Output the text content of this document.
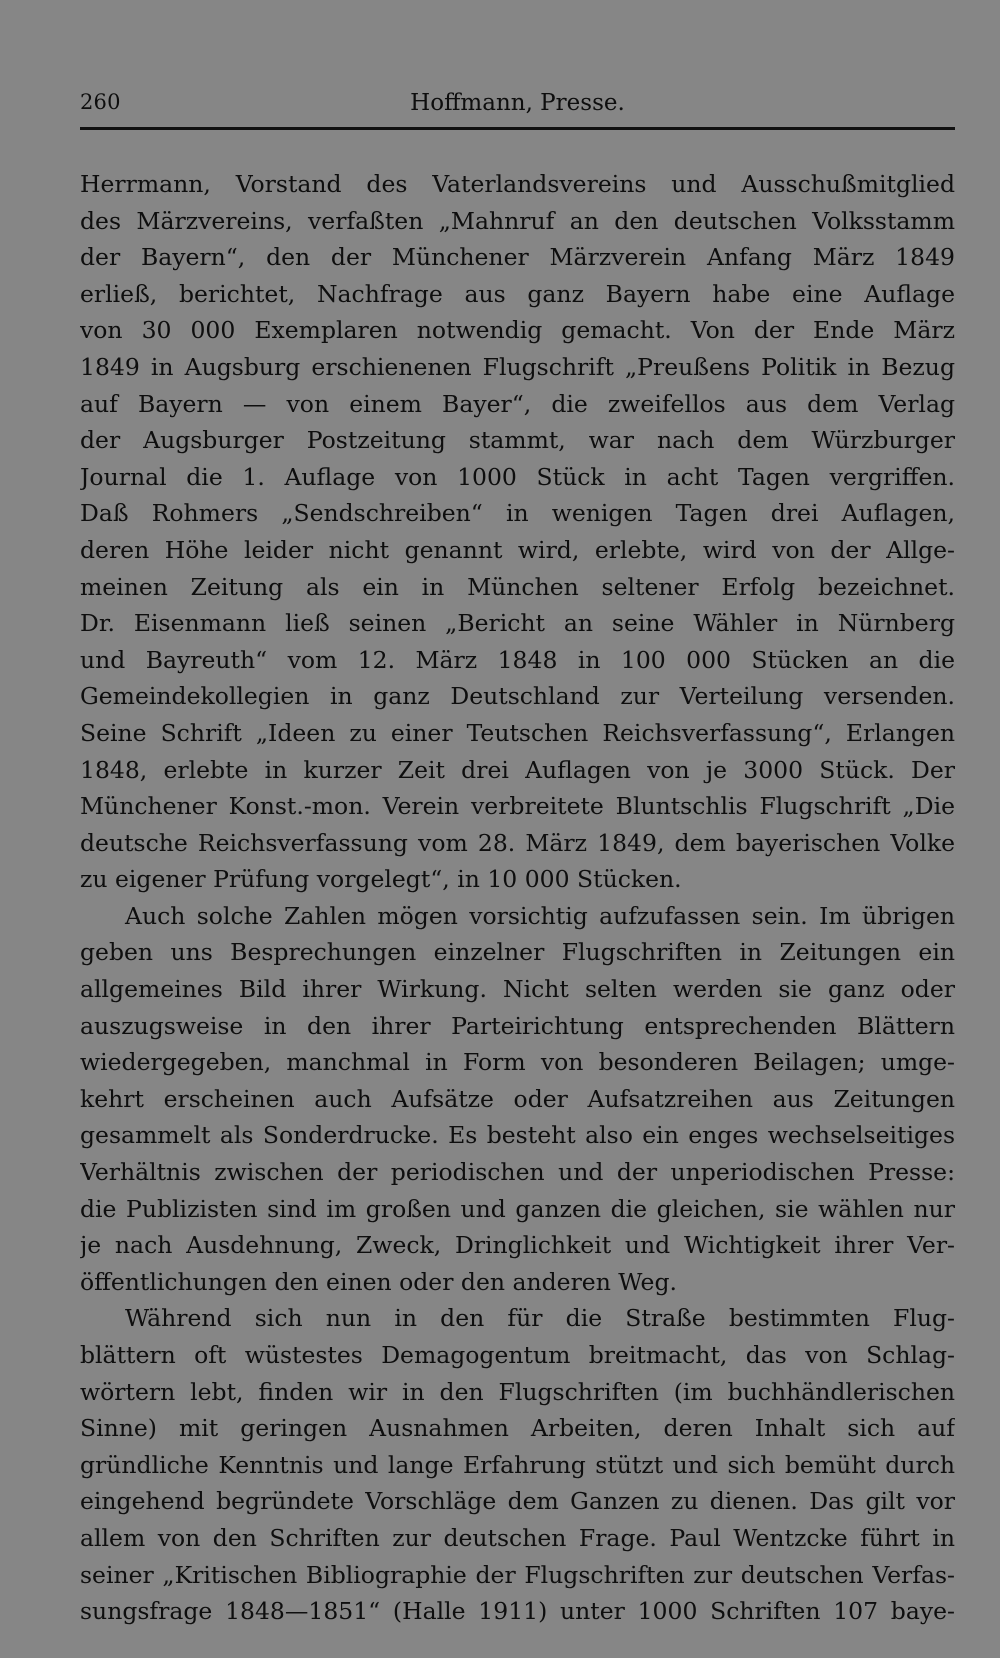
260	Hoffmann, Presse.
Herrmann, Vorstand des Vaterlandsvereins und Ausschußmitglied
des Märzvereins, verfaßten „Mahnruf an den deutschen Volksstamm
der Bayern“, den der Münchener Märzverein Anfang März 1849
erließ, berichtet, Nachfrage aus ganz Bayern habe eine Auflage
von 30 000 Exemplaren notwendig gemacht. Von der Ende März
1849 in Augsburg erschienenen Flugschrift „Preußens Politik in Bezug
auf Bayern — von einem Bayer“, die zweifellos aus dem Verlag
der Augsburger Postzeitung stammt, war nach dem Würzburger
Journal die 1. Auflage von 1000 Stück in acht Tagen vergriffen.
Daß Rohmers „Sendschreiben“ in wenigen Tagen drei Auflagen,
deren Höhe leider nicht genannt wird, erlebte, wird von der Allge-
meinen Zeitung als ein in München seltener Erfolg bezeichnet.
Dr. Eisenmann ließ seinen „Bericht an seine Wähler in Nürnberg
und Bayreuth“ vom 12. März 1848 in 100 000 Stücken an die
Gemeindekollegien in ganz Deutschland zur Verteilung versenden.
Seine Schrift „Ideen zu einer Teutschen Reichsverfassung“, Erlangen
1848, erlebte in kurzer Zeit drei Auflagen von je 3000 Stück. Der
Münchener Konst.-mon. Verein verbreitete Bluntschlis Flugschrift „Die
deutsche Reichsverfassung vom 28. März 1849, dem bayerischen Volke
zu eigener Prüfung vorgelegt“, in 10 000 Stücken.
Auch solche Zahlen mögen vorsichtig aufzufassen sein. Im übrigen
geben uns Besprechungen einzelner Flugschriften in Zeitungen ein
allgemeines Bild ihrer Wirkung. Nicht selten werden sie ganz oder
auszugsweise in den ihrer Parteirichtung entsprechenden Blättern
wiedergegeben, manchmal in Form von besonderen Beilagen; umge-
kehrt erscheinen auch Aufsätze oder Aufsatzreihen aus Zeitungen
gesammelt als Sonderdrucke. Es besteht also ein enges wechselseitiges
Verhältnis zwischen der periodischen und der unperiodischen Presse:
die Publizisten sind im großen und ganzen die gleichen, sie wählen nur
je nach Ausdehnung, Zweck, Dringlichkeit und Wichtigkeit ihrer Ver-
öffentlichungen den einen oder den anderen Weg.
Während sich nun in den für die Straße bestimmten Flug-
blättern oft wüstestes Demagogentum breitmacht, das von Schlag-
wörtern lebt, finden wir in den Flugschriften (im buchhändlerischen
Sinne) mit geringen Ausnahmen Arbeiten, deren Inhalt sich auf
gründliche Kenntnis und lange Erfahrung stützt und sich bemüht durch
eingehend begründete Vorschläge dem Ganzen zu dienen. Das gilt vor
allem von den Schriften zur deutschen Frage. Paul Wentzcke führt in
seiner „Kritischen Bibliographie der Flugschriften zur deutschen Verfas-
sungsfrage 1848—1851“ (Halle 1911) unter 1000 Schriften 107 baye-
